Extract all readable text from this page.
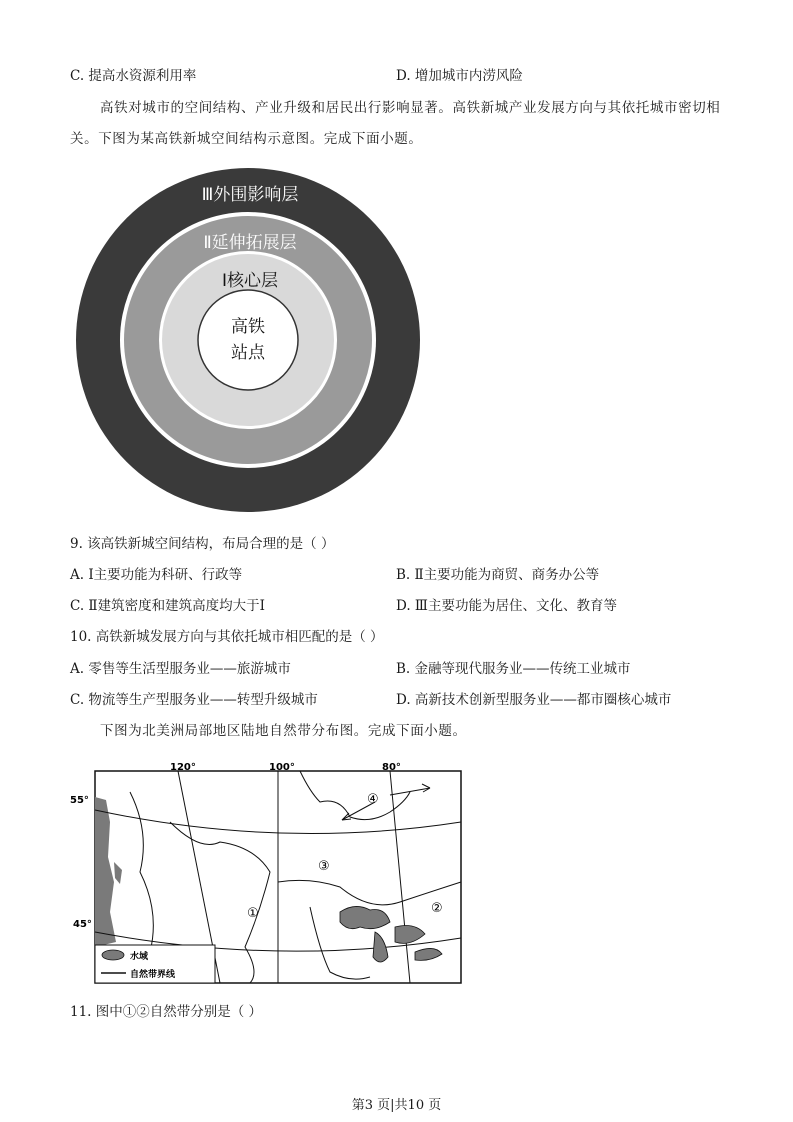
C. 提高水资源利用率	D. 增加城市内涝风险
高铁对城市的空间结构、产业升级和居民出行影响显著。高铁新城产业发展方向与其依托城市密切相
关。下图为某高铁新城空间结构示意图。完成下面小题。
Ⅲ外围影响层
Ⅱ延伸拓展层
Ⅰ核心层
高铁
站点
9. 该高铁新城空间结构，布局合理的是（ ）
A. Ⅰ主要功能为科研、行政等	B. Ⅱ主要功能为商贸、商务办公等
C. Ⅱ建筑密度和建筑高度均大于Ⅰ	D. Ⅲ主要功能为居住、文化、教育等
10. 高铁新城发展方向与其依托城市相匹配的是（ ）
A. 零售等生活型服务业——旅游城市	B. 金融等现代服务业——传统工业城市
C. 物流等生产型服务业——转型升级城市	D. 高新技术创新型服务业——都市圈核心城市
下图为北美洲局部地区陆地自然带分布图。完成下面小题。
120°	100°	80°
55°
45°
①	②
③
④
水域
自然带界线
11. 图中①②自然带分别是（ ）
第3 页|共10 页
